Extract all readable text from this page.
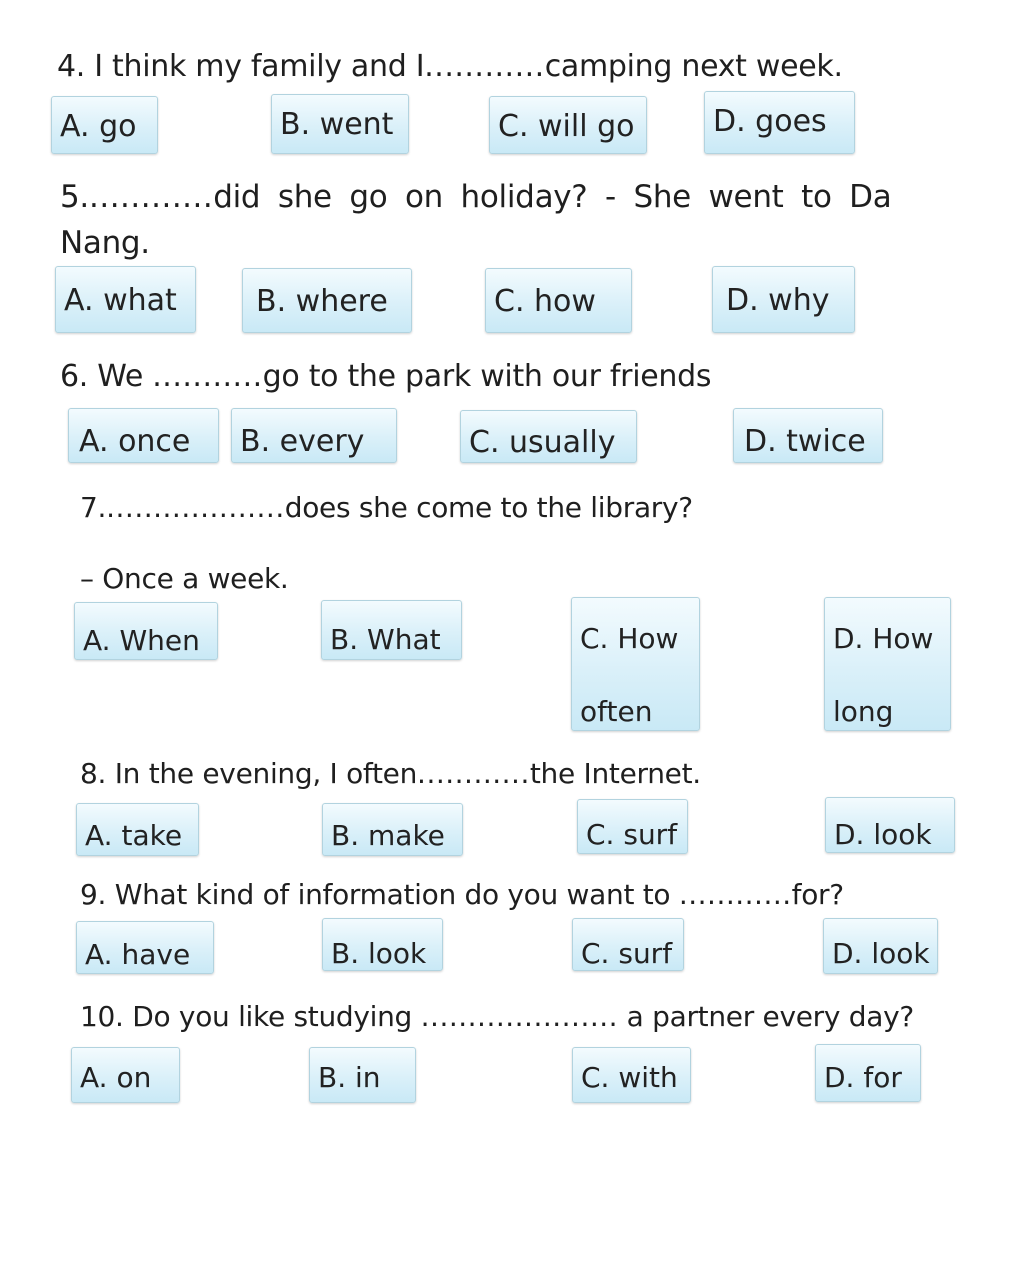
4. I think my family and I............camping next week.
A. go	B. went	C. will go	D. goes
5.............did she go on holiday? - She went to Da
Nang.
A. what	B. where	C. how	D. why
6. We ...........go to the park with our friends
A. once	B. every	C. usually	D. twice
7....................does she come to the library?
– Once a week.
A. When	B. What	C. How often
D. How long
8. In the evening, I often............the Internet.
A. take	B. make	C. surf	D. look
9. What kind of information do you want to ............for?
A. have	B. look	C. surf	D. look
10. Do you like studying ..................... a partner every day?
A. on	B. in	C. with	D. for
